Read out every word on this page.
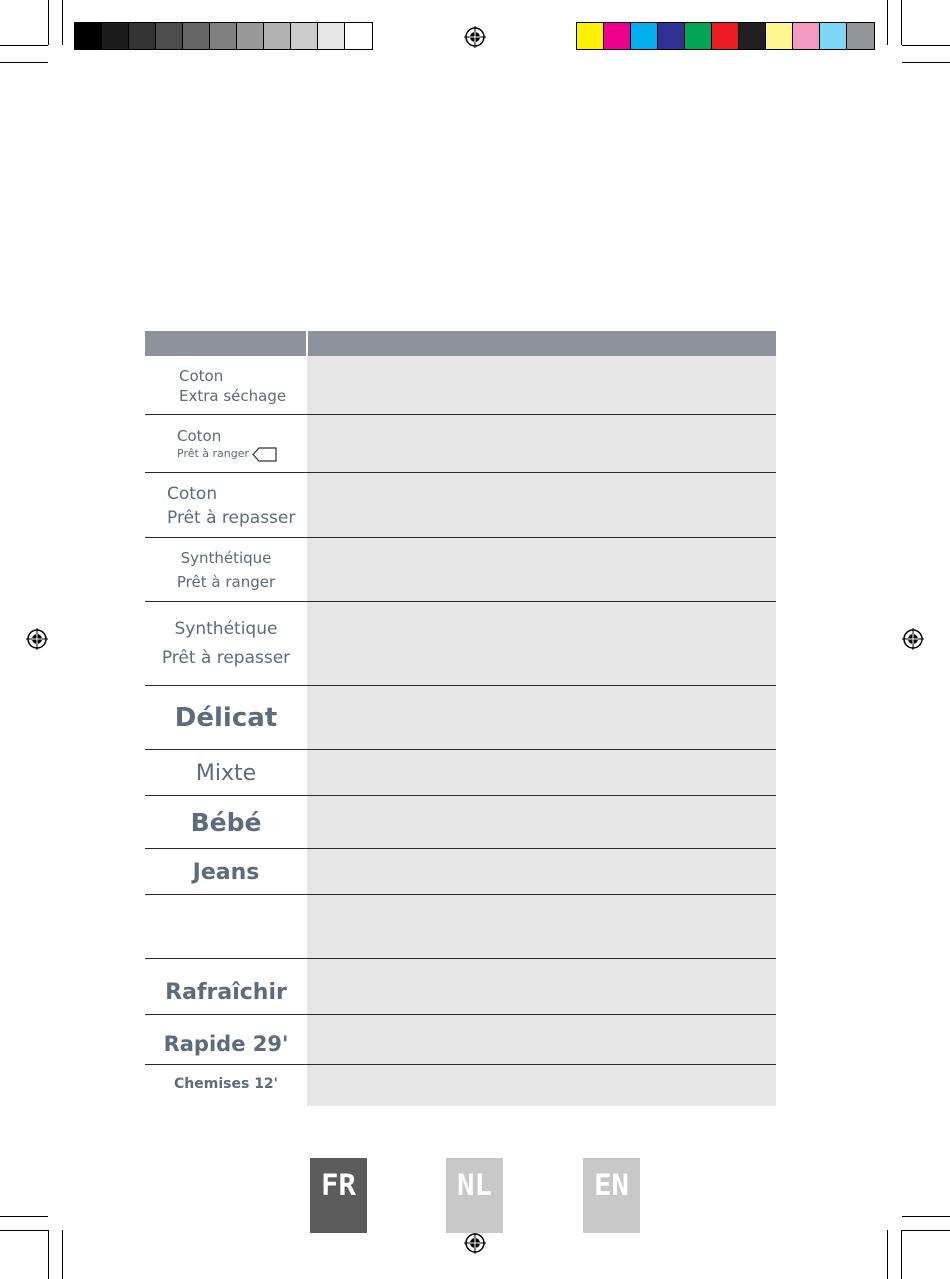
Coton
Extra séchage
Coton
Prêt à ranger
Coton
Prêt à repasser
Synthétique
Prêt à ranger
Synthétique
Prêt à repasser
Délicat
Mixte
Bébé
Jeans
Rafraîchir
Rapide 29'
Chemises 12'
FR	NL	EN
